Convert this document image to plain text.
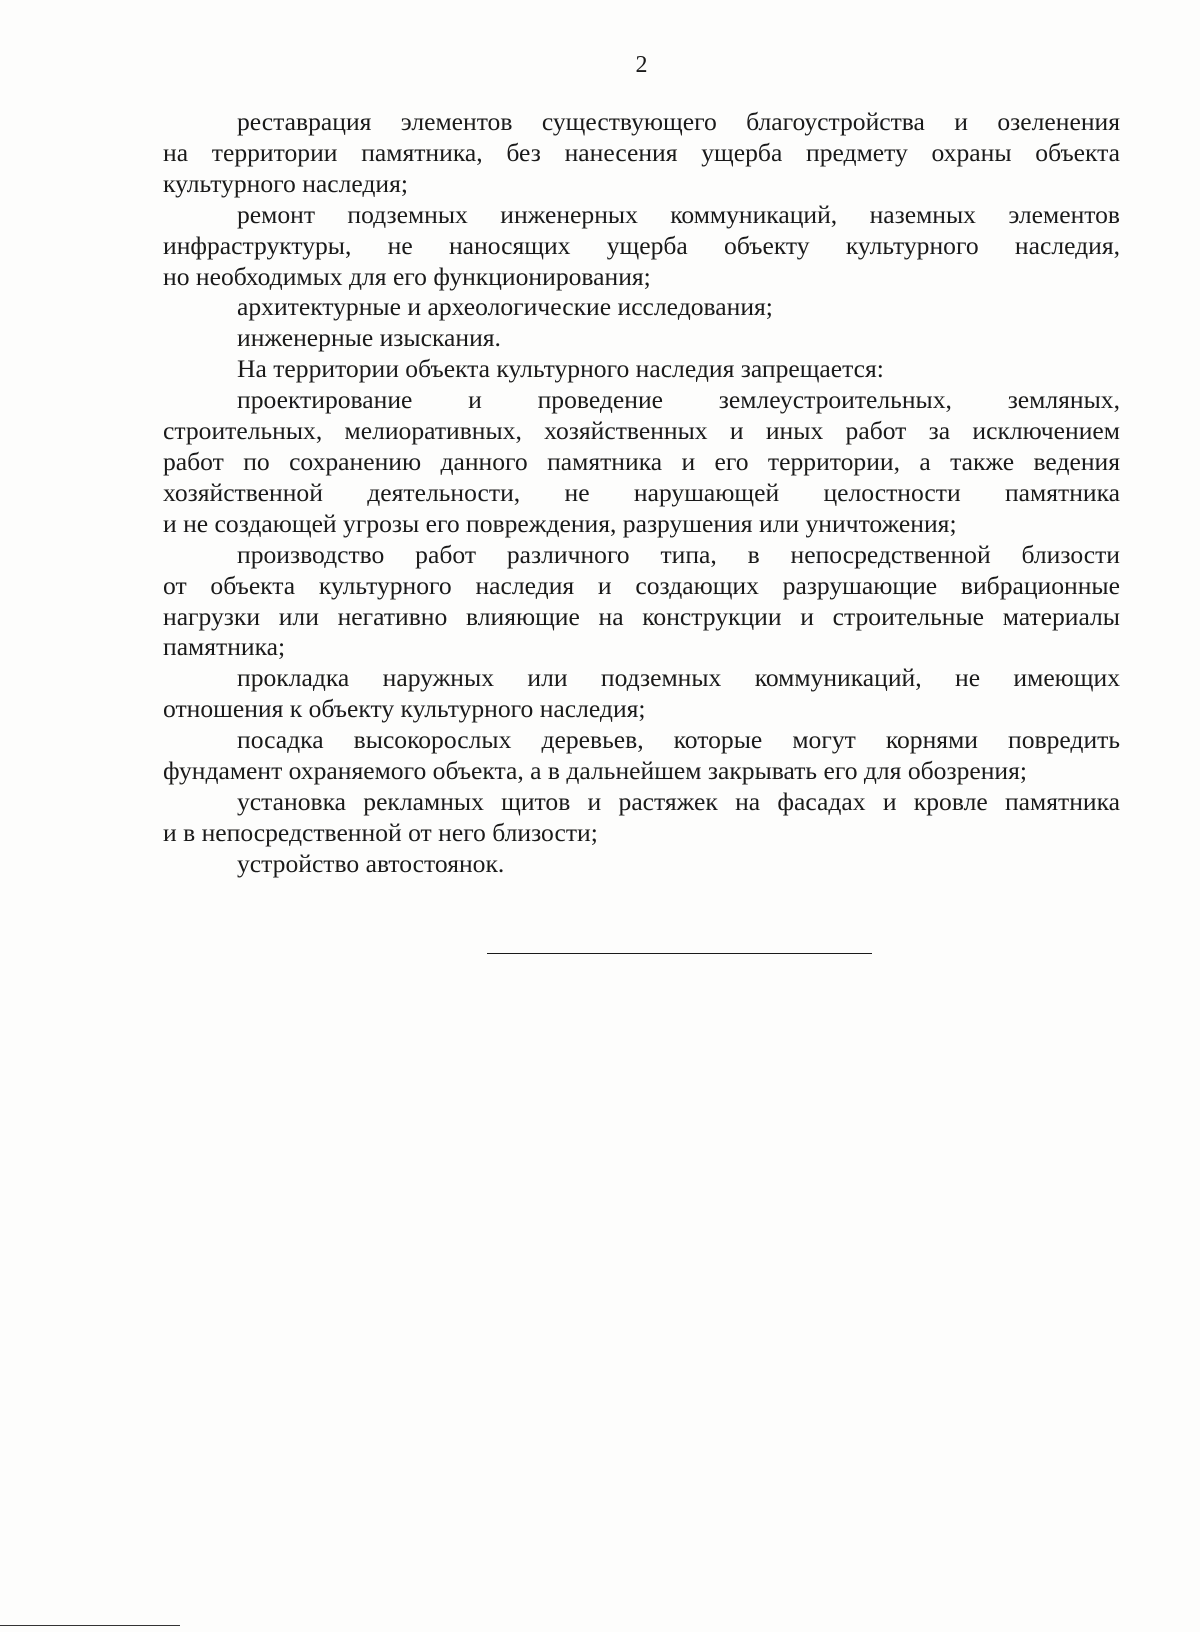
2
реставрация элементов существующего благоустройства и озеленения
на территории памятника, без нанесения ущерба предмету охраны объекта
культурного наследия;
ремонт подземных инженерных коммуникаций, наземных элементов
инфраструктуры, не наносящих ущерба объекту культурного наследия,
но необходимых для его функционирования;
архитектурные и археологические исследования;
инженерные изыскания.
На территории объекта культурного наследия запрещается:
проектирование и проведение землеустроительных, земляных,
строительных, мелиоративных, хозяйственных и иных работ за исключением
работ по сохранению данного памятника и его территории, а также ведения
хозяйственной деятельности, не нарушающей целостности памятника
и не создающей угрозы его повреждения, разрушения или уничтожения;
производство работ различного типа, в непосредственной близости
от объекта культурного наследия и создающих разрушающие вибрационные
нагрузки или негативно влияющие на конструкции и строительные материалы
памятника;
прокладка наружных или подземных коммуникаций, не имеющих
отношения к объекту культурного наследия;
посадка высокорослых деревьев, которые могут корнями повредить
фундамент охраняемого объекта, а в дальнейшем закрывать его для обозрения;
установка рекламных щитов и растяжек на фасадах и кровле памятника
и в непосредственной от него близости;
устройство автостоянок.
